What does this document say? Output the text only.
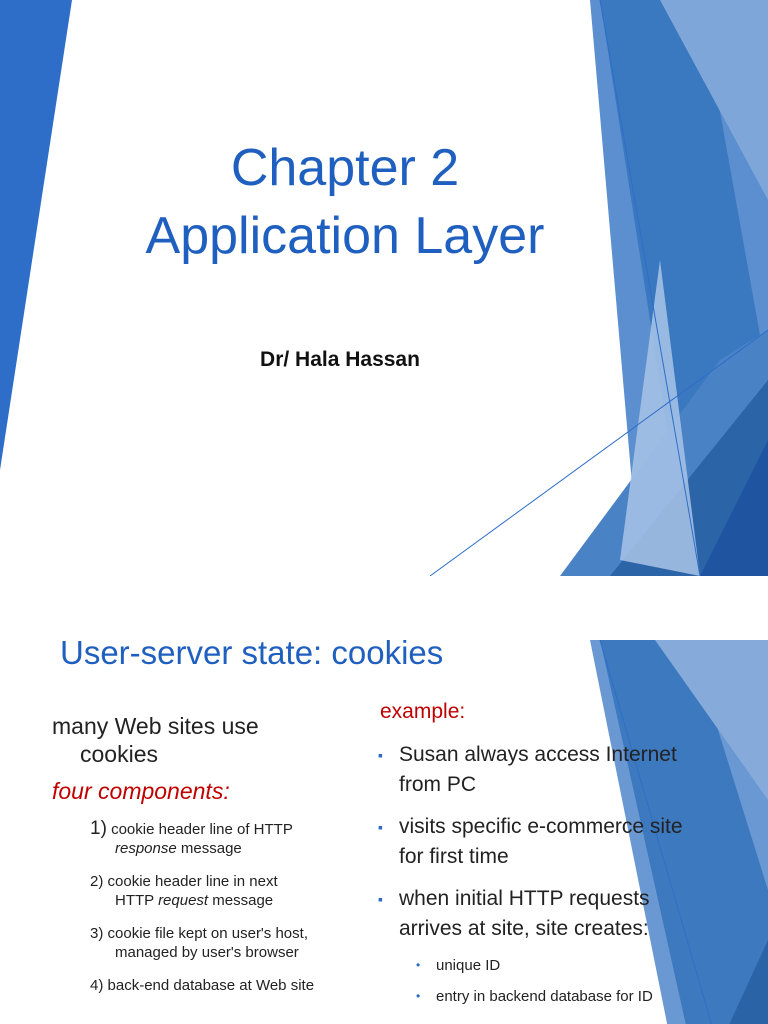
Chapter 2
Application Layer
Dr/ Hala Hassan
User-server state: cookies
many Web sites use
cookies
four components:
1) cookie header line of HTTP
response message
2) cookie header line in next
HTTP request message
3) cookie file kept on user's host,
managed by user's browser
4) back-end database at Web site
example:
▪ Susan always access Internet from PC
▪ visits specific e-commerce site for first time
▪ when initial HTTP requests arrives at site, site creates:
• unique ID
• entry in backend database for ID
